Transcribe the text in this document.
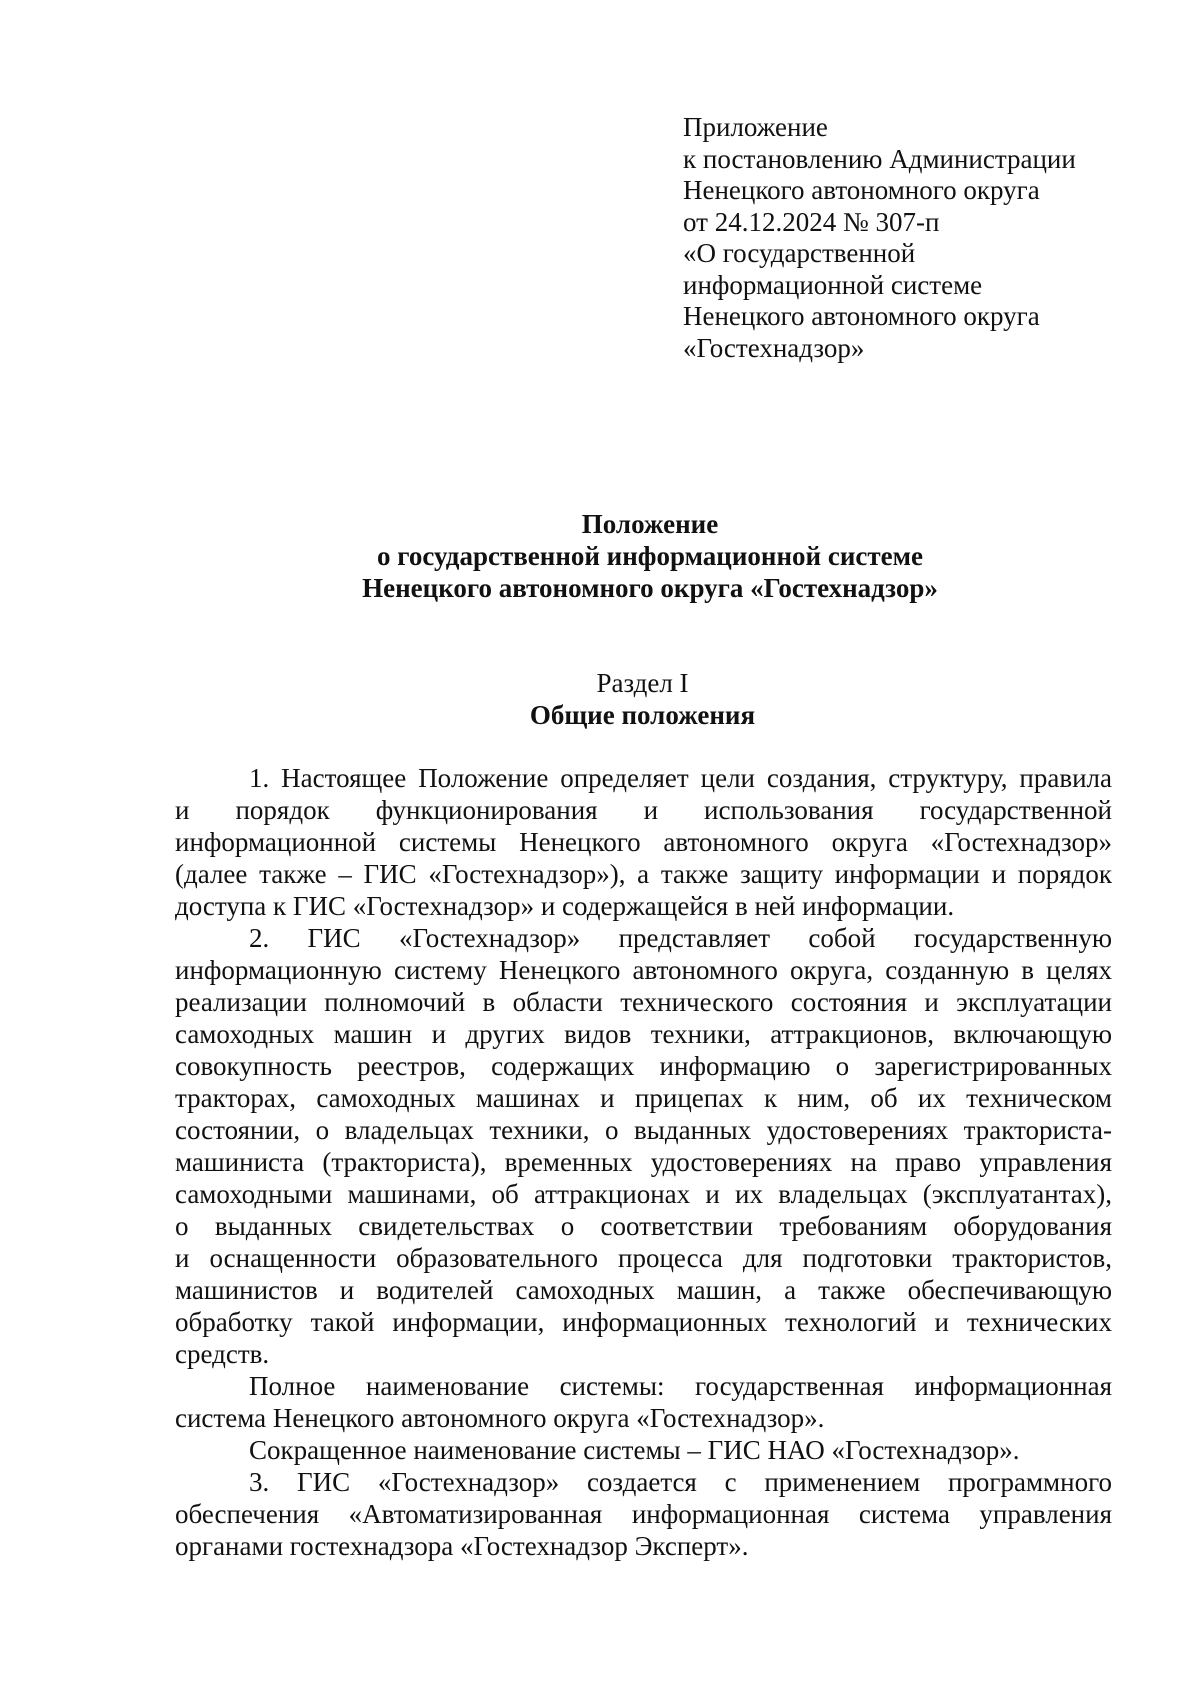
Приложение
к постановлению Администрации
Ненецкого автономного округа
от 24.12.2024 № 307-п
«О государственной
информационной системе
Ненецкого автономного округа
«Гостехнадзор»
Положение
о государственной информационной системе
Ненецкого автономного округа «Гостехнадзор»
Раздел I
Общие положения
1. Настоящее Положение определяет цели создания, структуру, правила
и порядок функционирования и использования государственной
информационной системы Ненецкого автономного округа «Гостехнадзор»
(далее также – ГИС «Гостехнадзор»), а также защиту информации и порядок
доступа к ГИС «Гостехнадзор» и содержащейся в ней информации.
2. ГИС «Гостехнадзор» представляет собой государственную
информационную систему Ненецкого автономного округа, созданную в целях
реализации полномочий в области технического состояния и эксплуатации
самоходных машин и других видов техники, аттракционов, включающую
совокупность реестров, содержащих информацию о зарегистрированных
тракторах, самоходных машинах и прицепах к ним, об их техническом
состоянии, о владельцах техники, о выданных удостоверениях тракториста-
машиниста (тракториста), временных удостоверениях на право управления
самоходными машинами, об аттракционах и их владельцах (эксплуатантах),
о выданных свидетельствах о соответствии требованиям оборудования
и оснащенности образовательного процесса для подготовки трактористов,
машинистов и водителей самоходных машин, а также обеспечивающую
обработку такой информации, информационных технологий и технических
средств.
Полное наименование системы: государственная информационная
система Ненецкого автономного округа «Гостехнадзор».
Сокращенное наименование системы – ГИС НАО «Гостехнадзор».
3. ГИС «Гостехнадзор» создается с применением программного
обеспечения «Автоматизированная информационная система управления
органами гостехнадзора «Гостехнадзор Эксперт».
